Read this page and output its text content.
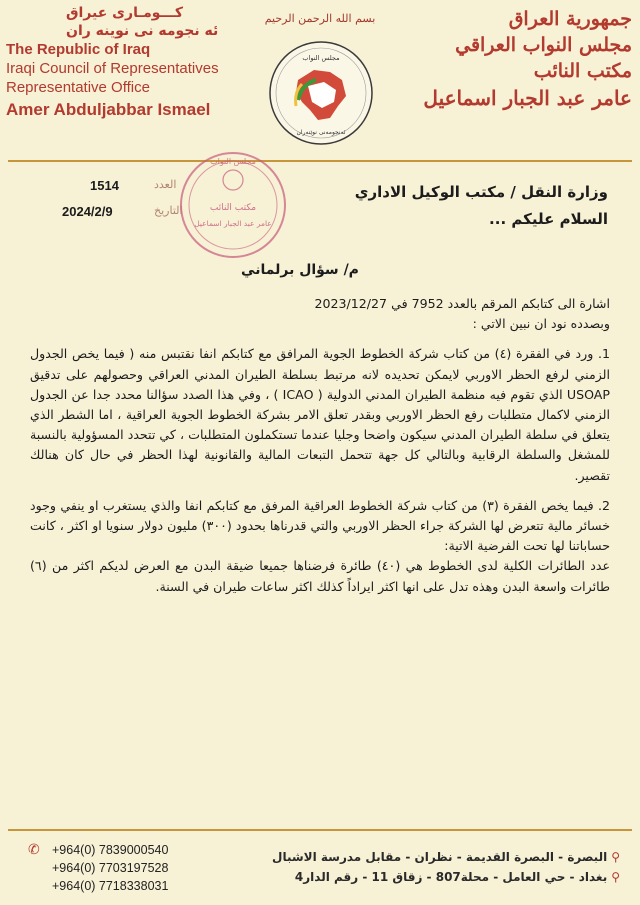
کـــومـاری عیراق
ئه نجومه نی نوینه ران
The Republic of Iraq
Iraqi Council of Representatives
Representative Office
Amer Abduljabbar Ismael
بسم الله الرحمن الرحيم
مجلس النواب
ئەنجومەنی نوێنەران
جمهورية العراق
مجلس النواب العراقي
مكتب النائب
عامر عبد الجبار اسماعيل
1514	العدد
2024/2/9	التاريخ
مجلس النواب
مكتب النائب
عامر عبد الجبار اسماعيل
وزارة النقل / مكتب الوكيل الاداري
السلام عليكم ...
م/ سؤال برلماني

اشارة الى كتابكم المرقم بالعدد 7952 في 2023/12/27

وبصدده نود ان نبين الاتي :

1. ورد في الفقرة (٤) من كتاب شركة الخطوط الجوية المرافق مع كتابكم انفا نقتبس منه ( فيما يخص الجدول الزمني لرفع الحظر الاوربي لايمكن تحديده لانه مرتبط بسلطة الطيران المدني العراقي وحصولهم على تدقيق USOAP الذي تقوم فيه منظمة الطيران المدني الدولية ( ICAO ) ، وفي هذا الصدد سؤالنا محدد جدا عن الجدول الزمني لاكمال متطلبات رفع الحظر الاوربي وبقدر تعلق الامر بشركة الخطوط الجوية العراقية ، اما الشطر الذي يتعلق في سلطة الطيران المدني سيكون واضحا وجليا عندما تستكملون المتطلبات ، كي تتحدد المسؤولية بالنسبة للمشغل والسلطة الرقابية وبالتالي كل جهة تتحمل التبعات المالية والقانونية لهذا الحظر في حال كان هنالك تقصير.

2. فيما يخص الفقرة (٣) من كتاب شركة الخطوط العراقية المرفق مع كتابكم انفا والذي يستغرب او ينفي وجود خسائر مالية تتعرض لها الشركة جراء الحظر الاوربي والتي قدرناها بحدود (٣٠٠) مليون دولار سنويا او اكثر ، كانت حساباتنا لها تحت الفرضية الاتية:

عدد الطائرات الكلية لدى الخطوط هي (٤٠) طائرة فرضناها جميعا ضيقة البدن مع العرض لديكم اكثر من (٦) طائرات واسعة البدن وهذه تدل على انها اكثر ايراداً كذلك اكثر ساعات طيران في السنة.

✆ +964(0) 7839000540
+964(0) 7703197528
+964(0) 7718338031
⚲البصرة - البصرة القديمة - نظران - مقابل مدرسة الاشبال
⚲بغداد - حي العامل - محلة807 - زقاق 11 - رقم الدار4
